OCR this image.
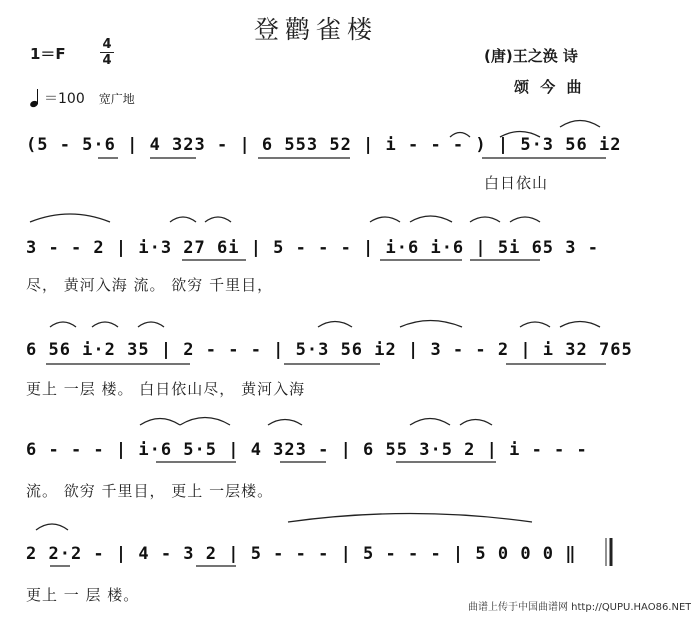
登鹳雀楼
1＝F
4
4
＝100 宽广地
(唐)王之涣 诗
颂 今 曲
(5 - 5·6 | 4 323 - | 6 553 52 | i - - - ) | 5·3 56 i2
白日依山
3 - - 2 | i·3 27 6i | 5 - - - | i·6 i·6 | 5i 65 3 -
尽， 黄河入海 流。 欲穷 千里目，
6 56 i·2 35 | 2 - - - | 5·3 56 i2 | 3 - - 2 | i 32 765
更上 一层 楼。 白日依山尽， 黄河入海
6 - - - | i·6 5·5 | 4 323 - | 6 55 3·5 2 | i - - -
流。 欲穷 千里目， 更上 一层楼。
2 2·2 - | 4 - 3 2 | 5 - - - | 5 - - - | 5 0 0 0 ‖
更上 一 层 楼。
曲谱上传于中国曲谱网 http://QUPU.HAO86.NET
